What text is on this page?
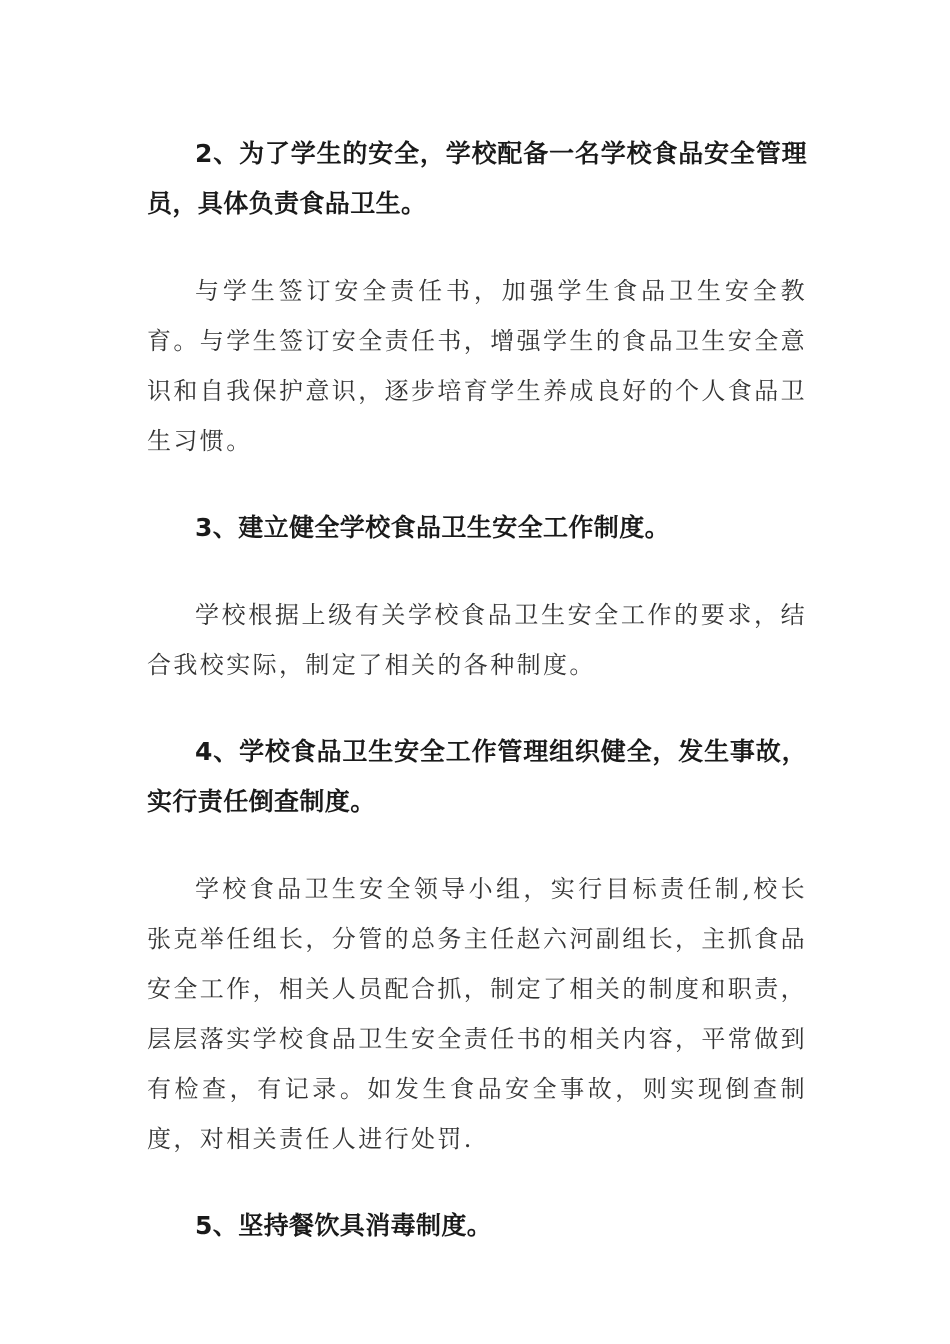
2、为了学生的安全，学校配备一名学校食品安全管理员，具体负责食品卫生。

与学生签订安全责任书，加强学生食品卫生安全教育。与学生签订安全责任书，增强学生的食品卫生安全意识和自我保护意识，逐步培育学生养成良好的个人食品卫生习惯。

3、建立健全学校食品卫生安全工作制度。

学校根据上级有关学校食品卫生安全工作的要求，结合我校实际，制定了相关的各种制度。

4、学校食品卫生安全工作管理组织健全，发生事故，实行责任倒查制度。

学校食品卫生安全领导小组，实行目标责任制,校长张克举任组长，分管的总务主任赵六河副组长，主抓食品安全工作，相关人员配合抓，制定了相关的制度和职责，层层落实学校食品卫生安全责任书的相关内容，平常做到有检查，有记录。如发生食品安全事故，则实现倒查制度，对相关责任人进行处罚.

5、坚持餐饮具消毒制度。
